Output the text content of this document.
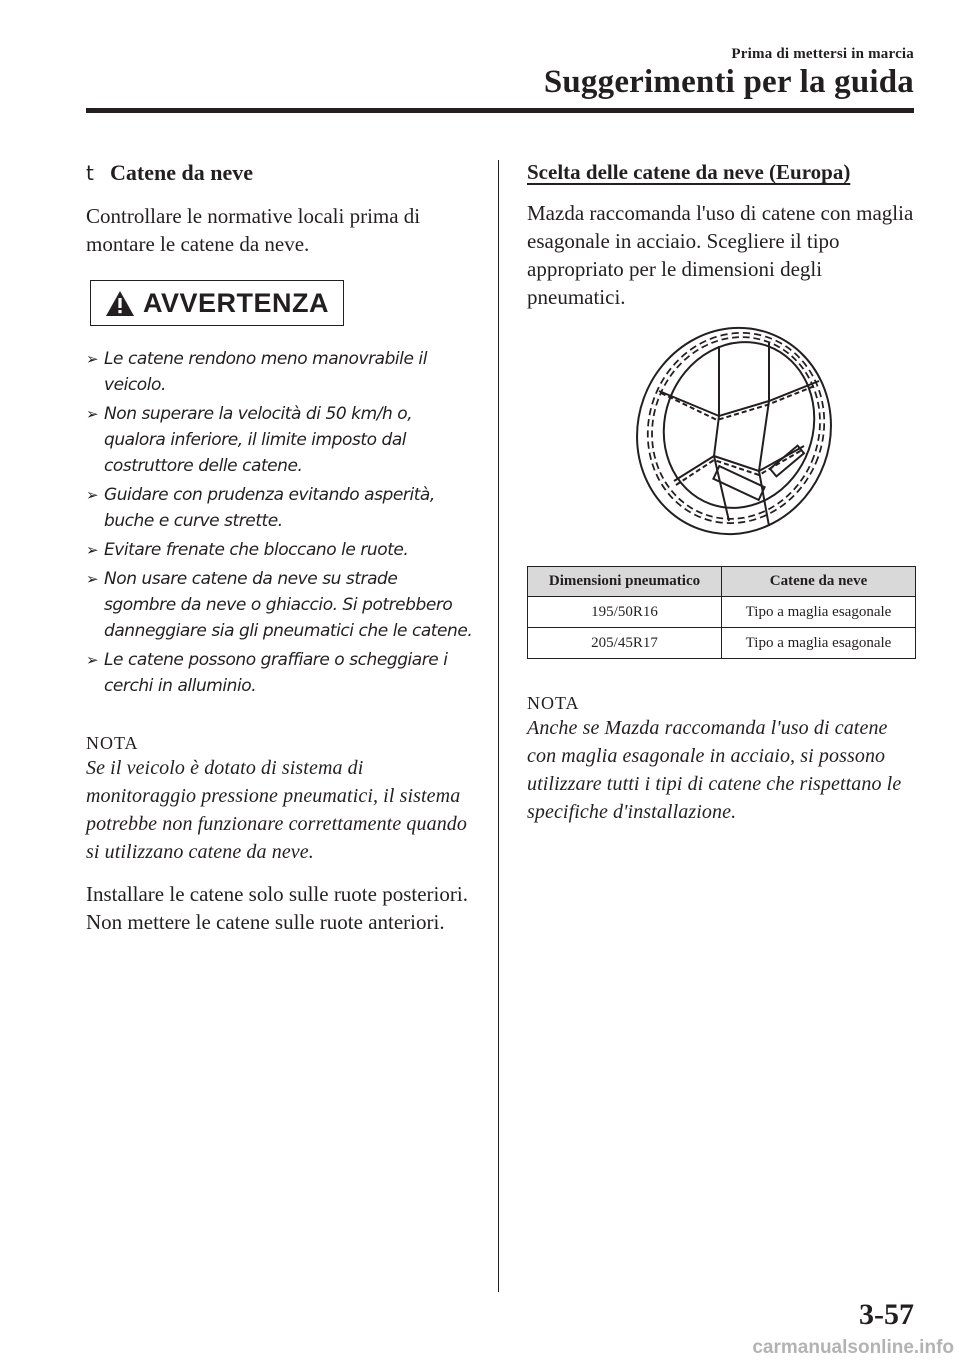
Prima di mettersi in marcia
Suggerimenti per la guida
t Catene da neve

Controllare le normative locali prima di montare le catene da neve.

AVVERTENZA
➢ Le catene rendono meno manovrabile il veicolo.
➢ Non superare la velocità di 50 km/h o, qualora inferiore, il limite imposto dal costruttore delle catene.
➢ Guidare con prudenza evitando asperità, buche e curve strette.
➢ Evitare frenate che bloccano le ruote.
➢ Non usare catene da neve su strade sgombre da neve o ghiaccio. Si potrebbero danneggiare sia gli pneumatici che le catene.
➢ Le catene possono graffiare o scheggiare i cerchi in alluminio.
NOTA

Se il veicolo è dotato di sistema di monitoraggio pressione pneumatici, il sistema potrebbe non funzionare correttamente quando si utilizzano catene da neve.

Installare le catene solo sulle ruote posteriori.

Non mettere le catene sulle ruote anteriori.

Scelta delle catene da neve (Europa)

Mazda raccomanda l'uso di catene con maglia esagonale in acciaio. Scegliere il tipo appropriato per le dimensioni degli pneumatici.

Dimensioni pneumatico	Catene da neve
195/50R16	Tipo a maglia esagonale
205/45R17	Tipo a maglia esagonale
NOTA

Anche se Mazda raccomanda l'uso di catene con maglia esagonale in acciaio, si possono utilizzare tutti i tipi di catene che rispettano le specifiche d'installazione.

3-57
carmanualsonline.info
